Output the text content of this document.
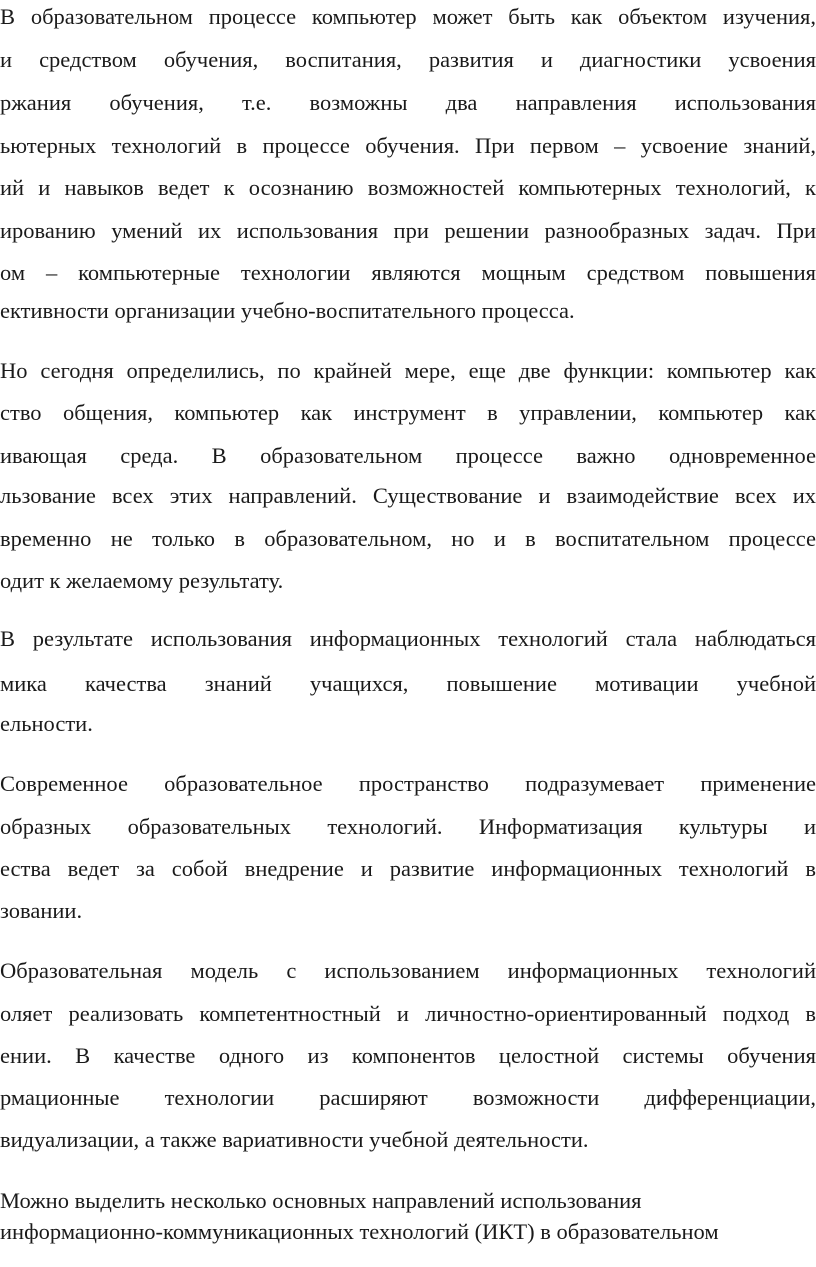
В образовательном процессе компьютер может быть как объектом изучения,
и средством обучения, воспитания, развития и диагностики усвоения
ржания обучения, т.е. возможны два направления использования
ьютерных технологий в процессе обучения. При первом – усвоение знаний,
ий и навыков ведет к осознанию возможностей компьютерных технологий, к
ированию умений их использования при решении разнообразных задач. При
ом – компьютерные технологии являются мощным средством повышения
ективности организации учебно-воспитательного процесса.
Но сегодня определились, по крайней мере, еще две функции: компьютер как
ство общения, компьютер как инструмент в управлении, компьютер как
ивающая среда. В образовательном процессе важно одновременное
льзование всех этих направлений. Существование и взаимодействие всех их
временно не только в образовательном, но и в воспитательном процессе
одит к желаемому результату.
В результате использования информационных технологий стала наблюдаться
мика качества знаний учащихся, повышение мотивации учебной
ельности.
Современное образовательное пространство подразумевает применение
образных образовательных технологий. Информатизация культуры и
ества ведет за собой внедрение и развитие информационных технологий в
зовании.
Образовательная модель с использованием информационных технологий
оляет реализовать компетентностный и личностно-ориентированный подход в
ении. В качестве одного из компонентов целостной системы обучения
рмационные технологии расширяют возможности дифференциации,
видуализации, а также вариативности учебной деятельности.
Можно выделить несколько основных направлений использования
информационно-коммуникационных технологий (ИКТ) в образовательном
